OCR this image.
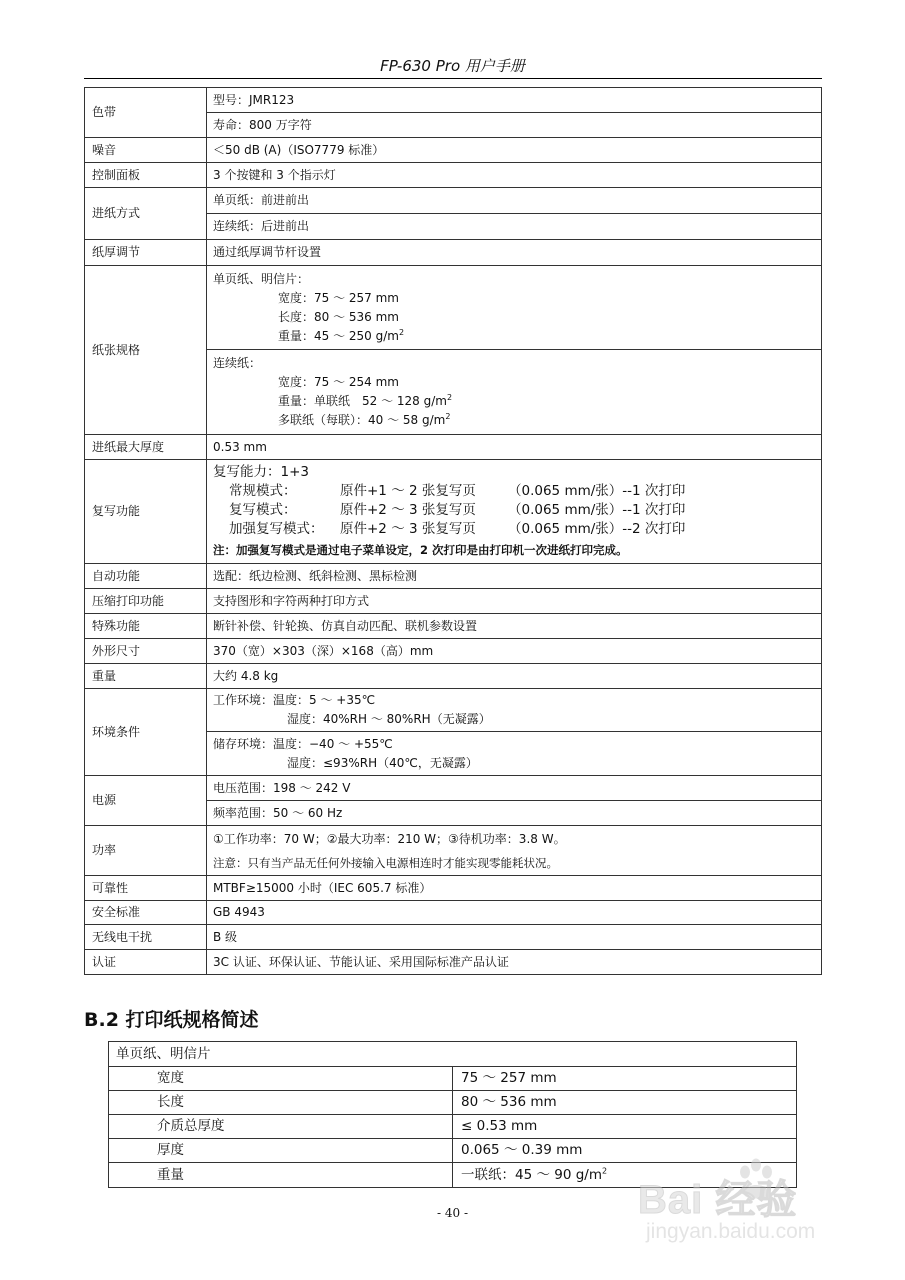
FP-630 Pro 用户手册
色带	型号：JMR123
	寿命：800 万字符
噪音	＜50 dB (A)（ISO7779 标准）
控制面板	3 个按键和 3 个指示灯
进纸方式	单页纸：前进前出
	连续纸：后进前出
纸厚调节	通过纸厚调节杆设置
纸张规格	单页纸、明信片：
宽度：75 ～ 257 mm
长度：80 ～ 536 mm
重量：45 ～ 250 $g/m^2$

	连续纸：
宽度：75 ～ 254 mm
重量：单联纸　52 ～ 128 $g/m^2$
多联纸（每联）：40 ～ 58 $g/m^2$

进纸最大厚度	0.53 mm
复写功能	复写能力：1+3
常规模式： 原件+1 ～ 2 张复写页 （0.065 mm/张）--1 次打印
复写模式： 原件+2 ～ 3 张复写页 （0.065 mm/张）--1 次打印
加强复写模式： 原件+2 ～ 3 张复写页 （0.065 mm/张）--2 次打印
注：加强复写模式是通过电子菜单设定，2 次打印是由打印机一次进纸打印完成。

自动功能	选配：纸边检测、纸斜检测、黑标检测
压缩打印功能	支持图形和字符两种打印方式
特殊功能	断针补偿、针轮换、仿真自动匹配、联机参数设置
外形尺寸	370（宽）×303（深）×168（高）mm
重量	大约 4.8 kg
环境条件	工作环境：温度：5 ～ +35℃
湿度：40%RH ～ 80%RH（无凝露）

	储存环境：温度：−40 ～ +55℃
湿度：≤93%RH（40℃，无凝露）

电源	电压范围：198 ～ 242 V
	频率范围：50 ～ 60 Hz
功率	①工作功率：70 W；②最大功率：210 W；③待机功率：3.8 W。
注意：只有当产品无任何外接输入电源相连时才能实现零能耗状况。

可靠性	MTBF≥15000 小时（IEC 605.7 标准）
安全标准	GB 4943
无线电干扰	B 级
认证	3C 认证、环保认证、节能认证、采用国际标准产品认证
B.2 打印纸规格简述
单页纸、明信片	
宽度	75 ～ 257 mm
长度	80 ～ 536 mm
介质总厚度	≤ 0.53 mm
厚度	0.065 ～ 0.39 mm
重量	一联纸：45 ～ 90 $g/m^2$
Bai 经验
jingyan.baidu.com
- 40 -
